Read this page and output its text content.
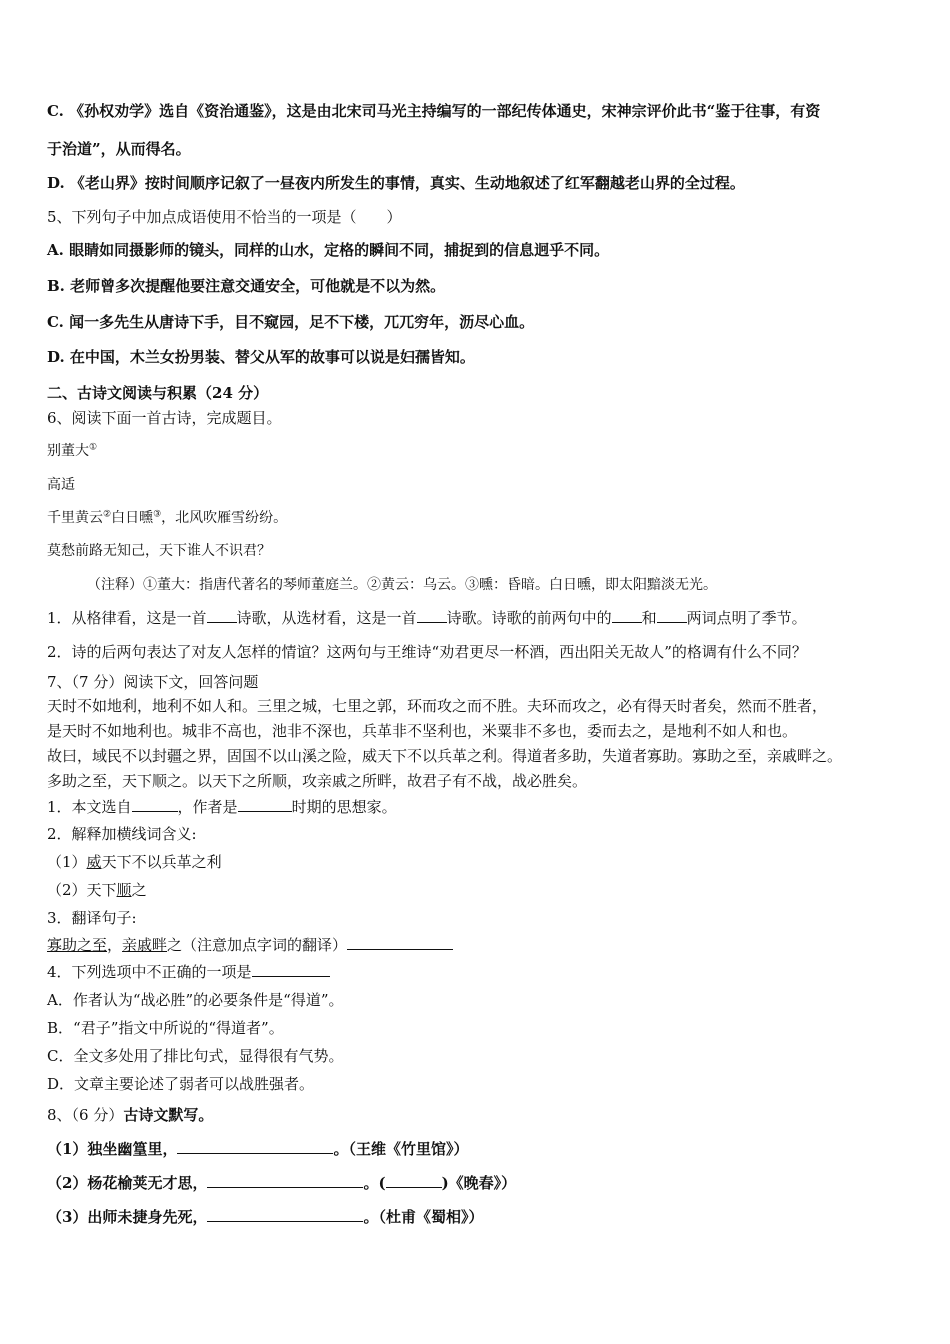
C. 《孙权劝学》选自《资治通鉴》，这是由北宋司马光主持编写的一部纪传体通史，宋神宗评价此书“鉴于往事，有资
于治道”，从而得名。
D. 《老山界》按时间顺序记叙了一昼夜内所发生的事情，真实、生动地叙述了红军翻越老山界的全过程。
5、下列句子中加点成语使用不恰当的一项是（　　）
A. 眼睛如同摄影师的镜头，同样的山水，定格的瞬间不同，捕捉到的信息迥乎不同。
B. 老师曾多次提醒他要注意交通安全，可他就是不以为然。
C. 闻一多先生从唐诗下手，目不窥园，足不下楼，兀兀穷年，沥尽心血。
D. 在中国，木兰女扮男装、替父从军的故事可以说是妇孺皆知。
二、古诗文阅读与积累（24 分）
6、阅读下面一首古诗，完成题目。
别董大①
高适
千里黄云②白日曛③，北风吹雁雪纷纷。
莫愁前路无知己，天下谁人不识君？
（注释）①董大：指唐代著名的琴师董庭兰。②黄云：乌云。③曛：昏暗。白日曛，即太阳黯淡无光。
1．从格律看，这是一首 诗歌，从选材看，这是一首 诗歌。诗歌的前两句中的 和 两词点明了季节。
2．诗的后两句表达了对友人怎样的情谊？这两句与王维诗“劝君更尽一杯酒，西出阳关无故人”的格调有什么不同？
7、（7 分）阅读下文，回答问题
天时不如地利，地利不如人和。三里之城，七里之郭，环而攻之而不胜。夫环而攻之，必有得天时者矣，然而不胜者，
是天时不如地利也。城非不高也，池非不深也，兵革非不坚利也，米粟非不多也，委而去之，是地利不如人和也。
故曰，域民不以封疆之界，固国不以山溪之险，威天下不以兵革之利。得道者多助，失道者寡助。寡助之至，亲戚畔之。
多助之至，天下顺之。以天下之所顺，攻亲戚之所畔，故君子有不战，战必胜矣。
1．本文选自	，作者是	时期的思想家。
2．解释加横线词含义:
（1）威天下不以兵革之利
（2）天下顺之
3．翻译句子:
寡助之至，亲戚畔之（注意加点字词的翻译）
4．下列选项中不正确的一项是
A．作者认为“战必胜”的必要条件是“得道”。
B．“君子”指文中所说的“得道者”。
C．全文多处用了排比句式，显得很有气势。
D．文章主要论述了弱者可以战胜强者。
8、（6 分）古诗文默写。
（1）独坐幽篁里，	。（王维《竹里馆》）
（2）杨花榆荚无才思，	。(	)《晚春》）
（3）出师未捷身先死，	。（杜甫《蜀相》）
